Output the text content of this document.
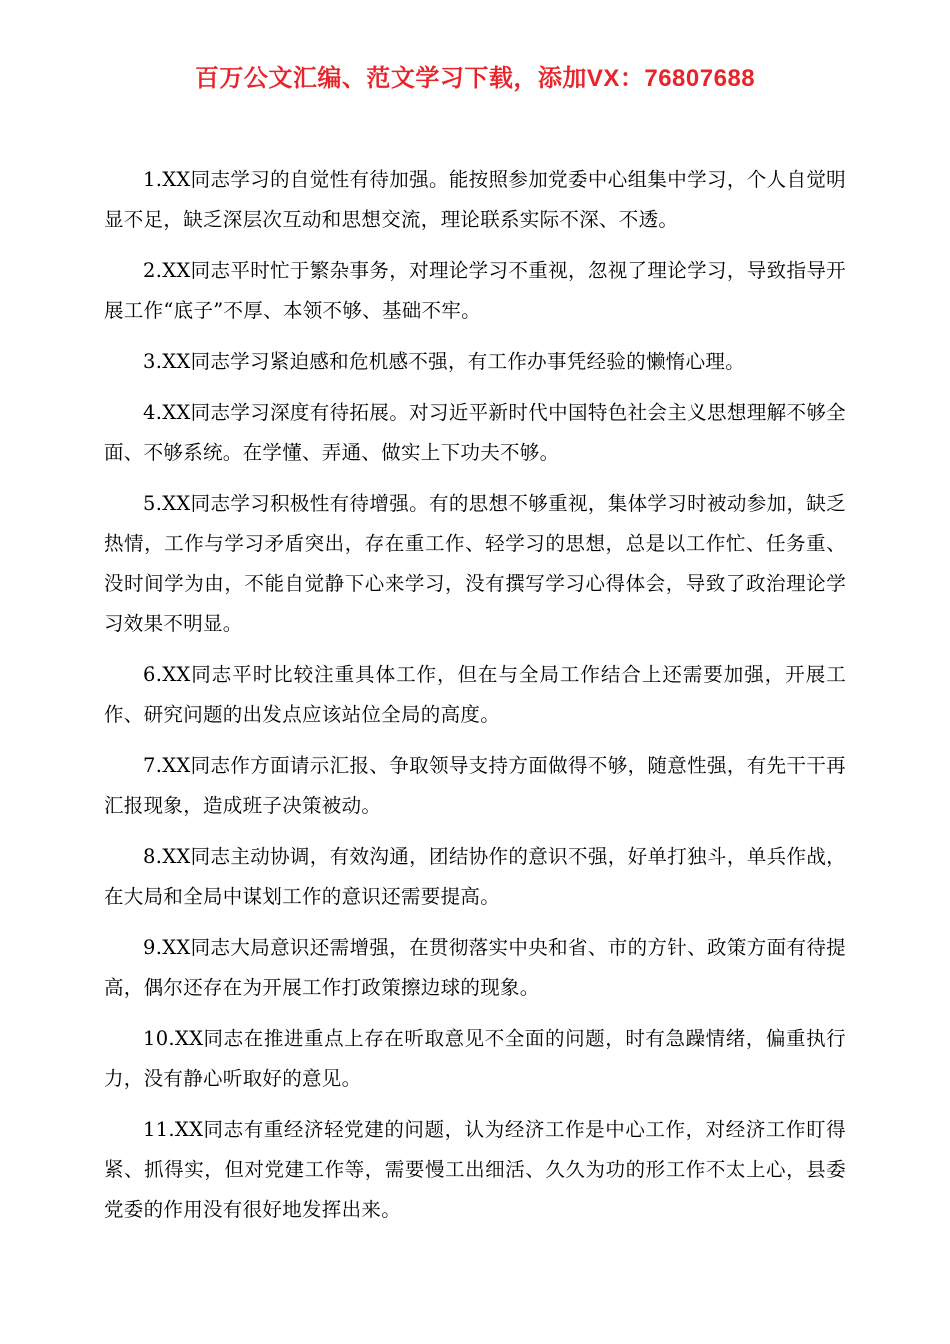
百万公文汇编、范文学习下载，添加VX：76807688

1.XX同志学习的自觉性有待加强。能按照参加党委中心组集中学习，个人自觉明显不足，缺乏深层次互动和思想交流，理论联系实际不深、不透。

2.XX同志平时忙于繁杂事务，对理论学习不重视，忽视了理论学习，导致指导开展工作“底子”不厚、本领不够、基础不牢。

3.XX同志学习紧迫感和危机感不强，有工作办事凭经验的懒惰心理。

4.XX同志学习深度有待拓展。对习近平新时代中国特色社会主义思想理解不够全面、不够系统。在学懂、弄通、做实上下功夫不够。

5.XX同志学习积极性有待增强。有的思想不够重视，集体学习时被动参加，缺乏热情，工作与学习矛盾突出，存在重工作、轻学习的思想，总是以工作忙、任务重、没时间学为由，不能自觉静下心来学习，没有撰写学习心得体会，导致了政治理论学习效果不明显。

6.XX同志平时比较注重具体工作，但在与全局工作结合上还需要加强，开展工作、研究问题的出发点应该站位全局的高度。

7.XX同志作方面请示汇报、争取领导支持方面做得不够，随意性强，有先干干再汇报现象，造成班子决策被动。

8.XX同志主动协调，有效沟通，团结协作的意识不强，好单打独斗，单兵作战，在大局和全局中谋划工作的意识还需要提高。

9.XX同志大局意识还需增强，在贯彻落实中央和省、市的方针、政策方面有待提高，偶尔还存在为开展工作打政策擦边球的现象。

10.XX同志在推进重点上存在听取意见不全面的问题，时有急躁情绪，偏重执行力，没有静心听取好的意见。

11.XX同志有重经济轻党建的问题，认为经济工作是中心工作，对经济工作盯得紧、抓得实，但对党建工作等，需要慢工出细活、久久为功的形工作不太上心，县委党委的作用没有很好地发挥出来。
